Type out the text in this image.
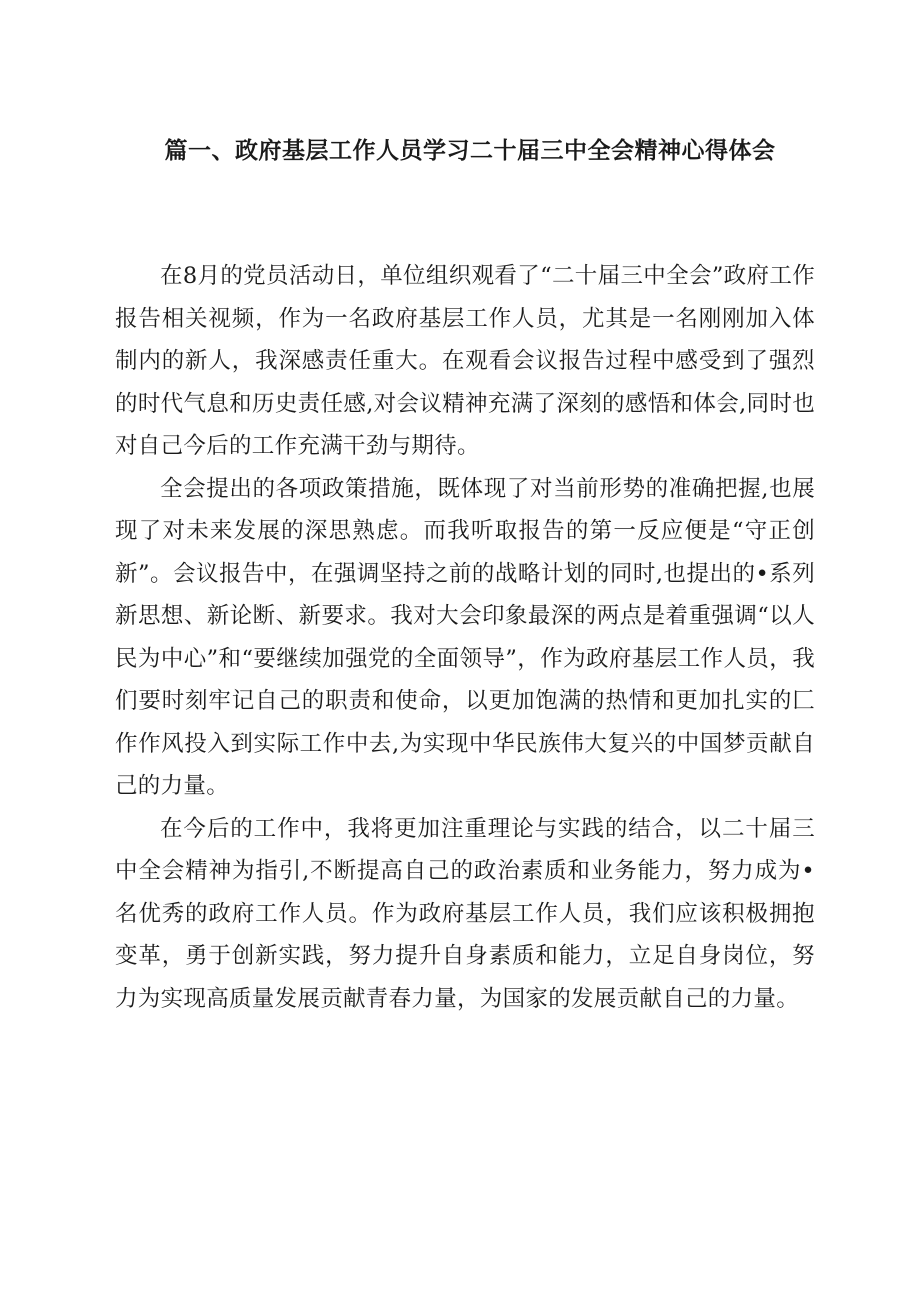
篇一、政府基层工作人员学习二十届三中全会精神心得体会

在8月的党员活动日，单位组织观看了“二十届三中全会”政府工作报告相关视频，作为一名政府基层工作人员，尤其是一名刚刚加入体制内的新人，我深感责任重大。在观看会议报告过程中感受到了强烈的时代气息和历史责任感,对会议精神充满了深刻的感悟和体会,同时也对自己今后的工作充满干劲与期待。

全会提出的各项政策措施，既体现了对当前形势的准确把握,也展现了对未来发展的深思熟虑。而我听取报告的第一反应便是“守正创新”。会议报告中，在强调坚持之前的战略计划的同时,也提出的•系列新思想、新论断、新要求。我对大会印象最深的两点是着重强调“以人民为中心”和“要继续加强党的全面领导”，作为政府基层工作人员，我们要时刻牢记自己的职责和使命，以更加饱满的热情和更加扎实的匚作作风投入到实际工作中去,为实现中华民族伟大复兴的中国梦贡献自己的力量。

在今后的工作中，我将更加注重理论与实践的结合，以二十届三中全会精神为指引,不断提高自己的政治素质和业务能力，努力成为•名优秀的政府工作人员。作为政府基层工作人员，我们应该积极拥抱变革，勇于创新实践，努力提升自身素质和能力，立足自身岗位，努力为实现高质量发展贡献青春力量，为国家的发展贡献自己的力量。
